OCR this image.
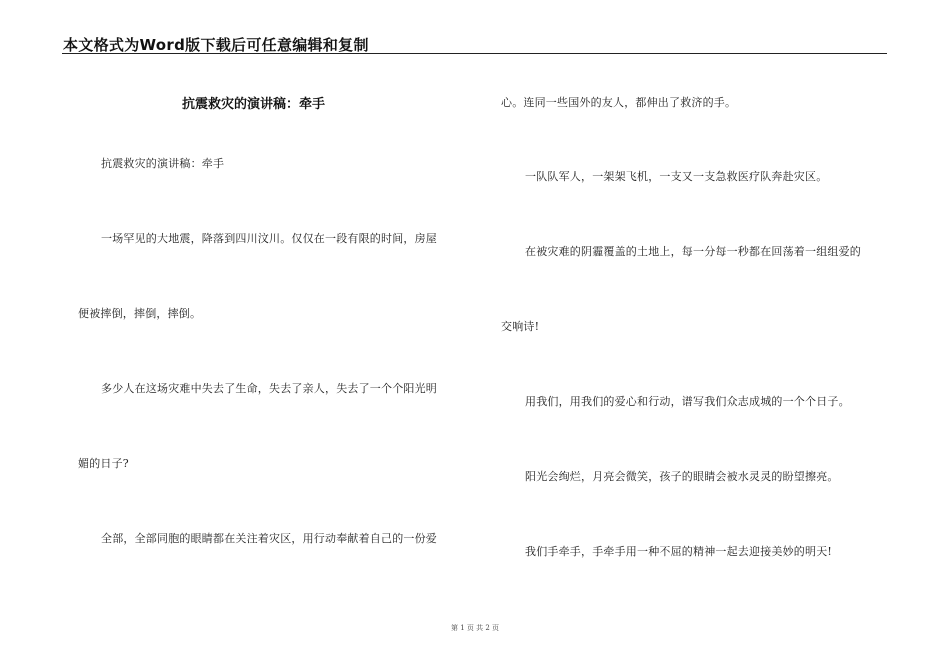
本文格式为Word版下载后可任意编辑和复制
抗震救灾的演讲稿：牵手
抗震救灾的演讲稿：牵手
一场罕见的大地震，降落到四川汶川。仅仅在一段有限的时间，房屋
便被摔倒，摔倒，摔倒。
多少人在这场灾难中失去了生命，失去了亲人，失去了一个个阳光明
媚的日子?
全部，全部同胞的眼睛都在关注着灾区，用行动奉献着自己的一份爱
心。连同一些国外的友人，都伸出了救济的手。
一队队军人，一架架飞机，一支又一支急救医疗队奔赴灾区。
在被灾难的阴霾覆盖的土地上，每一分每一秒都在回荡着一组组爱的
交响诗!
用我们，用我们的爱心和行动，谱写我们众志成城的一个个日子。
阳光会绚烂，月亮会微笑，孩子的眼睛会被水灵灵的盼望擦亮。
我们手牵手，手牵手用一种不屈的精神一起去迎接美妙的明天!
第 1 页 共 2 页
